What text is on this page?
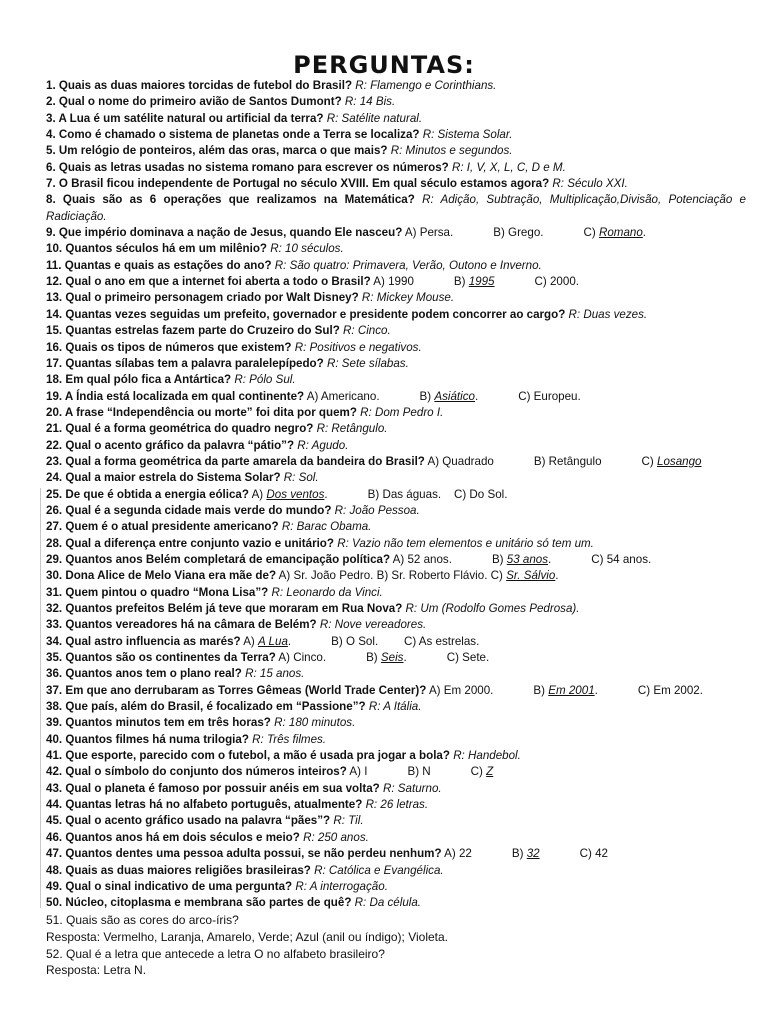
PERGUNTAS:
1. Quais as duas maiores torcidas de futebol do Brasil? R: Flamengo e Corinthians.
2. Qual o nome do primeiro avião de Santos Dumont? R: 14 Bis.
3. A Lua é um satélite natural ou artificial da terra? R: Satélite natural.
4. Como é chamado o sistema de planetas onde a Terra se localiza? R: Sistema Solar.
5. Um relógio de ponteiros, além das oras, marca o que mais? R: Minutos e segundos.
6. Quais as letras usadas no sistema romano para escrever os números? R: I, V, X, L, C, D e M.
7. O Brasil ficou independente de Portugal no século XVIII. Em qual século estamos agora? R: Século XXI.
8. Quais são as 6 operações que realizamos na Matemática? R: Adição, Subtração, Multiplicação,Divisão, Potenciação e Radiciação.
9. Que império dominava a nação de Jesus, quando Ele nasceu? A) Persa.	B) Grego.	C) Romano.
10. Quantos séculos há em um milênio? R: 10 séculos.
11. Quantas e quais as estações do ano? R: São quatro: Primavera, Verão, Outono e Inverno.
12. Qual o ano em que a internet foi aberta a todo o Brasil? A) 1990	B) 1995	C) 2000.
13. Qual o primeiro personagem criado por Walt Disney? R: Mickey Mouse.
14. Quantas vezes seguidas um prefeito, governador e presidente podem concorrer ao cargo? R: Duas vezes.
15. Quantas estrelas fazem parte do Cruzeiro do Sul? R: Cinco.
16. Quais os tipos de números que existem? R: Positivos e negativos.
17. Quantas sílabas tem a palavra paralelepípedo? R: Sete sílabas.
18. Em qual pólo fica a Antártica? R: Pólo Sul.
19. A Índia está localizada em qual continente? A) Americano.	B) Asiático.	C) Europeu.
20. A frase “Independência ou morte” foi dita por quem? R: Dom Pedro I.
21. Qual é a forma geométrica do quadro negro? R: Retângulo.
22. Qual o acento gráfico da palavra “pátio”? R: Agudo.
23. Qual a forma geométrica da parte amarela da bandeira do Brasil? A) Quadrado	B) Retângulo	C) Losango
24. Qual a maior estrela do Sistema Solar? R: Sol.
25. De que é obtida a energia eólica? A) Dos ventos.	B) Das águas.    C) Do Sol.
26. Qual é a segunda cidade mais verde do mundo? R: João Pessoa.
27. Quem é o atual presidente americano? R: Barac Obama.
28. Qual a diferença entre conjunto vazio e unitário? R: Vazio não tem elementos e unitário só tem um.
29. Quantos anos Belém completará de emancipação política? A) 52 anos.	B) 53 anos.	C) 54 anos.
30. Dona Alice de Melo Viana era mãe de? A) Sr. João Pedro. B) Sr. Roberto Flávio. C) Sr. Sálvio.
31. Quem pintou o quadro “Mona Lisa”? R: Leonardo da Vinci.
32. Quantos prefeitos Belém já teve que moraram em Rua Nova? R: Um (Rodolfo Gomes Pedrosa).
33. Quantos vereadores há na câmara de Belém? R: Nove vereadores.
34. Qual astro influencia as marés? A) A Lua.	B) O Sol.        C) As estrelas.
35. Quantos são os continentes da Terra? A) Cinco.	B) Seis.	C) Sete.
36. Quantos anos tem o plano real? R: 15 anos.
37. Em que ano derrubaram as Torres Gêmeas (World Trade Center)? A) Em 2000.	B) Em 2001.	C) Em 2002.
38. Que país, além do Brasil, é focalizado em “Passione”? R: A Itália.
39. Quantos minutos tem em três horas? R: 180 minutos.
40. Quantos filmes há numa trilogia? R: Três filmes.
41. Que esporte, parecido com o futebol, a mão é usada pra jogar a bola? R: Handebol.
42. Qual o símbolo do conjunto dos números inteiros? A) I	B) N	C) Z
43. Qual o planeta é famoso por possuir anéis em sua volta? R: Saturno.
44. Quantas letras há no alfabeto português, atualmente? R: 26 letras.
45. Qual o acento gráfico usado na palavra “pães”? R: Til.
46. Quantos anos há em dois séculos e meio? R: 250 anos.
47. Quantos dentes uma pessoa adulta possui, se não perdeu nenhum? A) 22	B) 32	C) 42
48. Quais as duas maiores religiões brasileiras? R: Católica e Evangélica.
49. Qual o sinal indicativo de uma pergunta? R: A interrogação.
50. Núcleo, citoplasma e membrana são partes de quê? R: Da célula.
51. Quais são as cores do arco-íris?
Resposta: Vermelho, Laranja, Amarelo, Verde; Azul (anil ou índigo); Violeta.
52. Qual é a letra que antecede a letra O no alfabeto brasileiro?
Resposta: Letra N.
